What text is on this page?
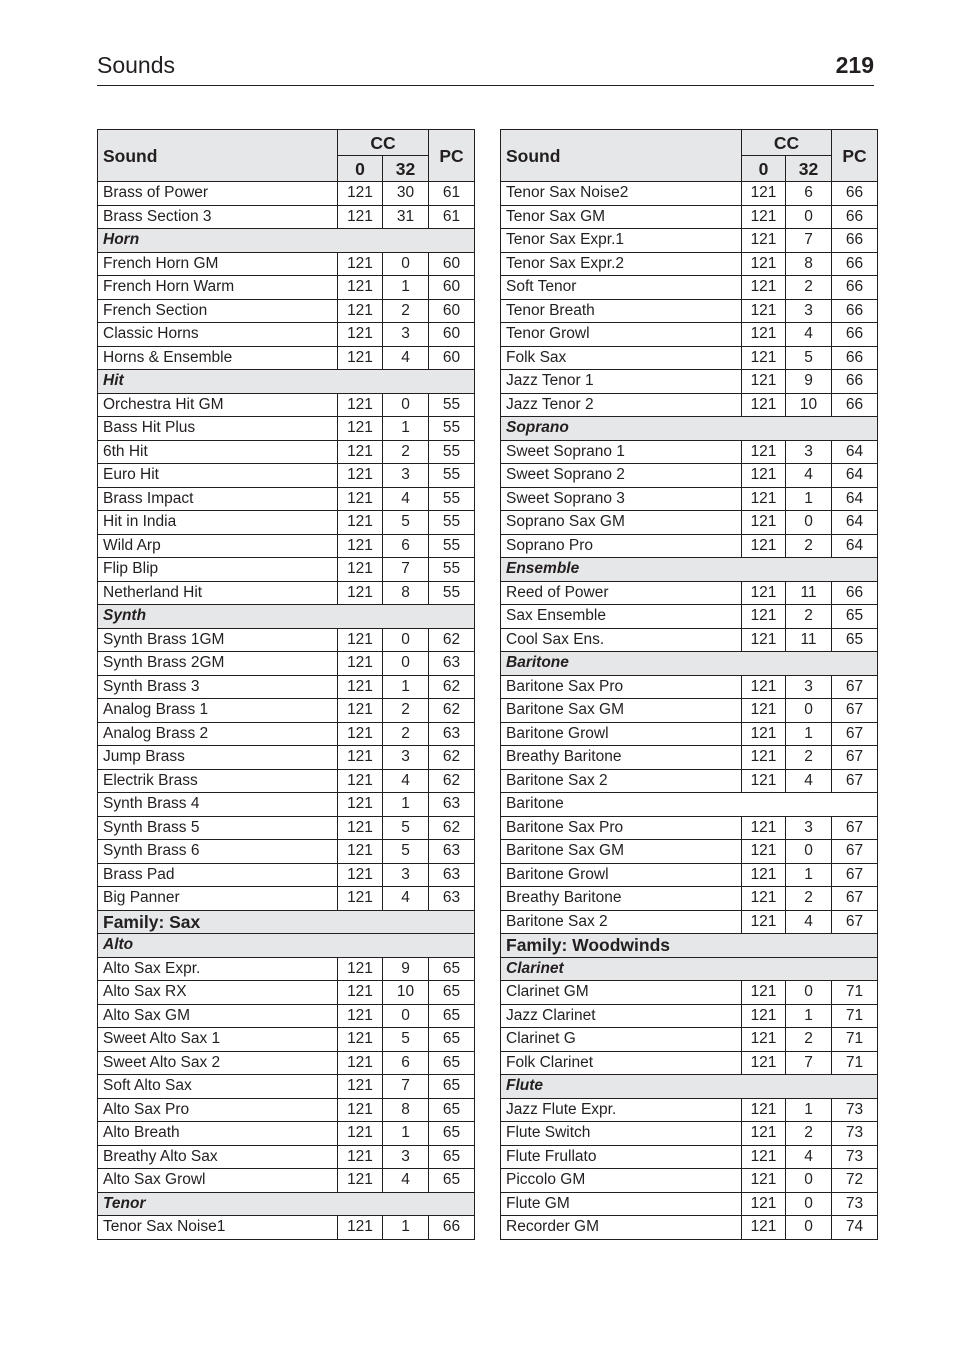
Sounds	219
Sound	CC		PC
	0	32	
Brass of Power	121	30	61
Brass Section 3	121	31	61
Horn			
French Horn GM	121	0	60
French Horn Warm	121	1	60
French Section	121	2	60
Classic Horns	121	3	60
Horns & Ensemble	121	4	60
Hit			
Orchestra Hit GM	121	0	55
Bass Hit Plus	121	1	55
6th Hit	121	2	55
Euro Hit	121	3	55
Brass Impact	121	4	55
Hit in India	121	5	55
Wild Arp	121	6	55
Flip Blip	121	7	55
Netherland Hit	121	8	55
Synth			
Synth Brass 1GM	121	0	62
Synth Brass 2GM	121	0	63
Synth Brass 3	121	1	62
Analog Brass 1	121	2	62
Analog Brass 2	121	2	63
Jump Brass	121	3	62
Electrik Brass	121	4	62
Synth Brass 4	121	1	63
Synth Brass 5	121	5	62
Synth Brass 6	121	5	63
Brass Pad	121	3	63
Big Panner	121	4	63
Family: Sax			
Alto			
Alto Sax Expr.	121	9	65
Alto Sax RX	121	10	65
Alto Sax GM	121	0	65
Sweet Alto Sax 1	121	5	65
Sweet Alto Sax 2	121	6	65
Soft Alto Sax	121	7	65
Alto Sax Pro	121	8	65
Alto Breath	121	1	65
Breathy Alto Sax	121	3	65
Alto Sax Growl	121	4	65
Tenor			
Tenor Sax Noise1	121	1	66
Sound	CC		PC
	0	32	
Tenor Sax Noise2	121	6	66
Tenor Sax GM	121	0	66
Tenor Sax Expr.1	121	7	66
Tenor Sax Expr.2	121	8	66
Soft Tenor	121	2	66
Tenor Breath	121	3	66
Tenor Growl	121	4	66
Folk Sax	121	5	66
Jazz Tenor 1	121	9	66
Jazz Tenor 2	121	10	66
Soprano			
Sweet Soprano 1	121	3	64
Sweet Soprano 2	121	4	64
Sweet Soprano 3	121	1	64
Soprano Sax GM	121	0	64
Soprano Pro	121	2	64
Ensemble			
Reed of Power	121	11	66
Sax Ensemble	121	2	65
Cool Sax Ens.	121	11	65
Baritone			
Baritone Sax Pro	121	3	67
Baritone Sax GM	121	0	67
Baritone Growl	121	1	67
Breathy Baritone	121	2	67
Baritone Sax 2	121	4	67
Baritone			
Baritone Sax Pro	121	3	67
Baritone Sax GM	121	0	67
Baritone Growl	121	1	67
Breathy Baritone	121	2	67
Baritone Sax 2	121	4	67
Family: Woodwinds			
Clarinet			
Clarinet GM	121	0	71
Jazz Clarinet	121	1	71
Clarinet G	121	2	71
Folk Clarinet	121	7	71
Flute			
Jazz Flute Expr.	121	1	73
Flute Switch	121	2	73
Flute Frullato	121	4	73
Piccolo GM	121	0	72
Flute GM	121	0	73
Recorder GM	121	0	74
